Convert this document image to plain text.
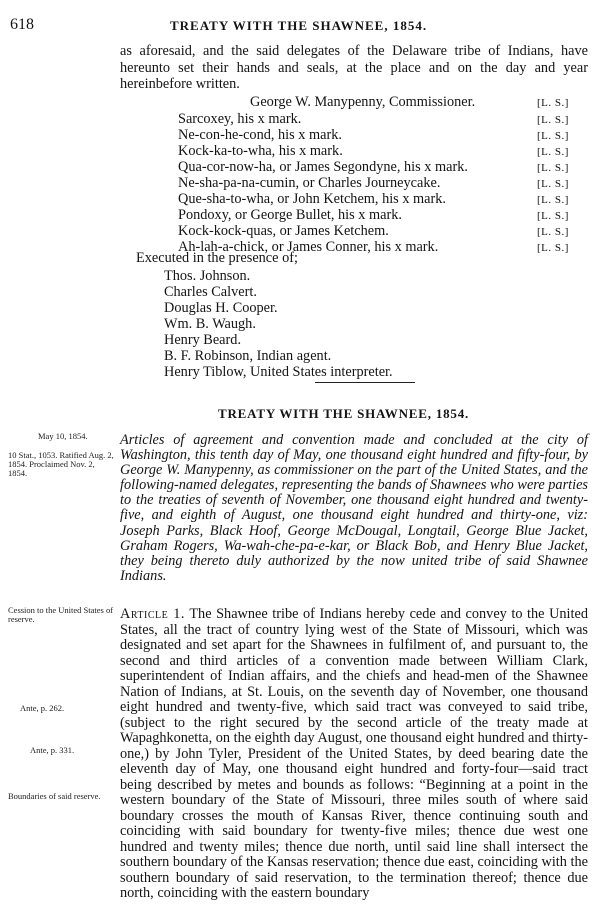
618	TREATY WITH THE SHAWNEE, 1854.
as aforesaid, and the said delegates of the Delaware tribe of Indians, have hereunto set their hands and seals, at the place and on the day and year hereinbefore written.
George W. Manypenny, Commissioner.	[L. S.]
Sarcoxey, his x mark.	[L. S.]
Ne-con-he-cond, his x mark.	[L. S.]
Kock-ka-to-wha, his x mark.	[L. S.]
Qua-cor-now-ha, or James Segondyne, his x mark.	[L. S.]
Ne-sha-pa-na-cumin, or Charles Journeycake.	[L. S.]
Que-sha-to-wha, or John Ketchem, his x mark.	[L. S.]
Pondoxy, or George Bullet, his x mark.	[L. S.]
Kock-kock-quas, or James Ketchem.	[L. S.]
Ah-lah-a-chick, or James Conner, his x mark.	[L. S.]
Executed in the presence of;
Thos. Johnson.
Charles Calvert.
Douglas H. Cooper.
Wm. B. Waugh.
Henry Beard.
B. F. Robinson, Indian agent.
Henry Tiblow, United States interpreter.
TREATY WITH THE SHAWNEE, 1854.
May 10, 1854.
10 Stat., 1053. Ratified Aug. 2, 1854. Proclaimed Nov. 2, 1854.
Cession to the United States of reserve.
Ante, p. 262.
Ante, p. 331.
Boundaries of said reserve.
Articles of agreement and convention made and concluded at the city of Washington, this tenth day of May, one thousand eight hundred and fifty-four, by George W. Manypenny, as commissioner on the part of the United States, and the following-named delegates, representing the bands of Shawnees who were parties to the treaties of seventh of November, one thousand eight hundred and twenty-five, and eighth of August, one thousand eight hundred and thirty-one, viz: Joseph Parks, Black Hoof, George McDougal, Longtail, George Blue Jacket, Graham Rogers, Wa-wah-che-pa-e-kar, or Black Bob, and Henry Blue Jacket, they being thereto duly authorized by the now united tribe of said Shawnee Indians.
Article 1. The Shawnee tribe of Indians hereby cede and convey to the United States, all the tract of country lying west of the State of Missouri, which was designated and set apart for the Shawnees in fulfilment of, and pursuant to, the second and third articles of a convention made between William Clark, superintendent of Indian affairs, and the chiefs and head-men of the Shawnee Nation of Indians, at St. Louis, on the seventh day of November, one thousand eight hundred and twenty-five, which said tract was conveyed to said tribe, (subject to the right secured by the second article of the treaty made at Wapaghkonetta, on the eighth day August, one thousand eight hundred and thirty-one,) by John Tyler, President of the United States, by deed bearing date the eleventh day of May, one thousand eight hundred and forty-four—said tract being described by metes and bounds as follows: “Beginning at a point in the western boundary of the State of Missouri, three miles south of where said boundary crosses the mouth of Kansas River, thence continuing south and coinciding with said boundary for twenty-five miles; thence due west one hundred and twenty miles; thence due north, until said line shall intersect the southern boundary of the Kansas reservation; thence due east, coinciding with the southern boundary of said reservation, to the termination thereof; thence due north, coinciding with the eastern boundary
